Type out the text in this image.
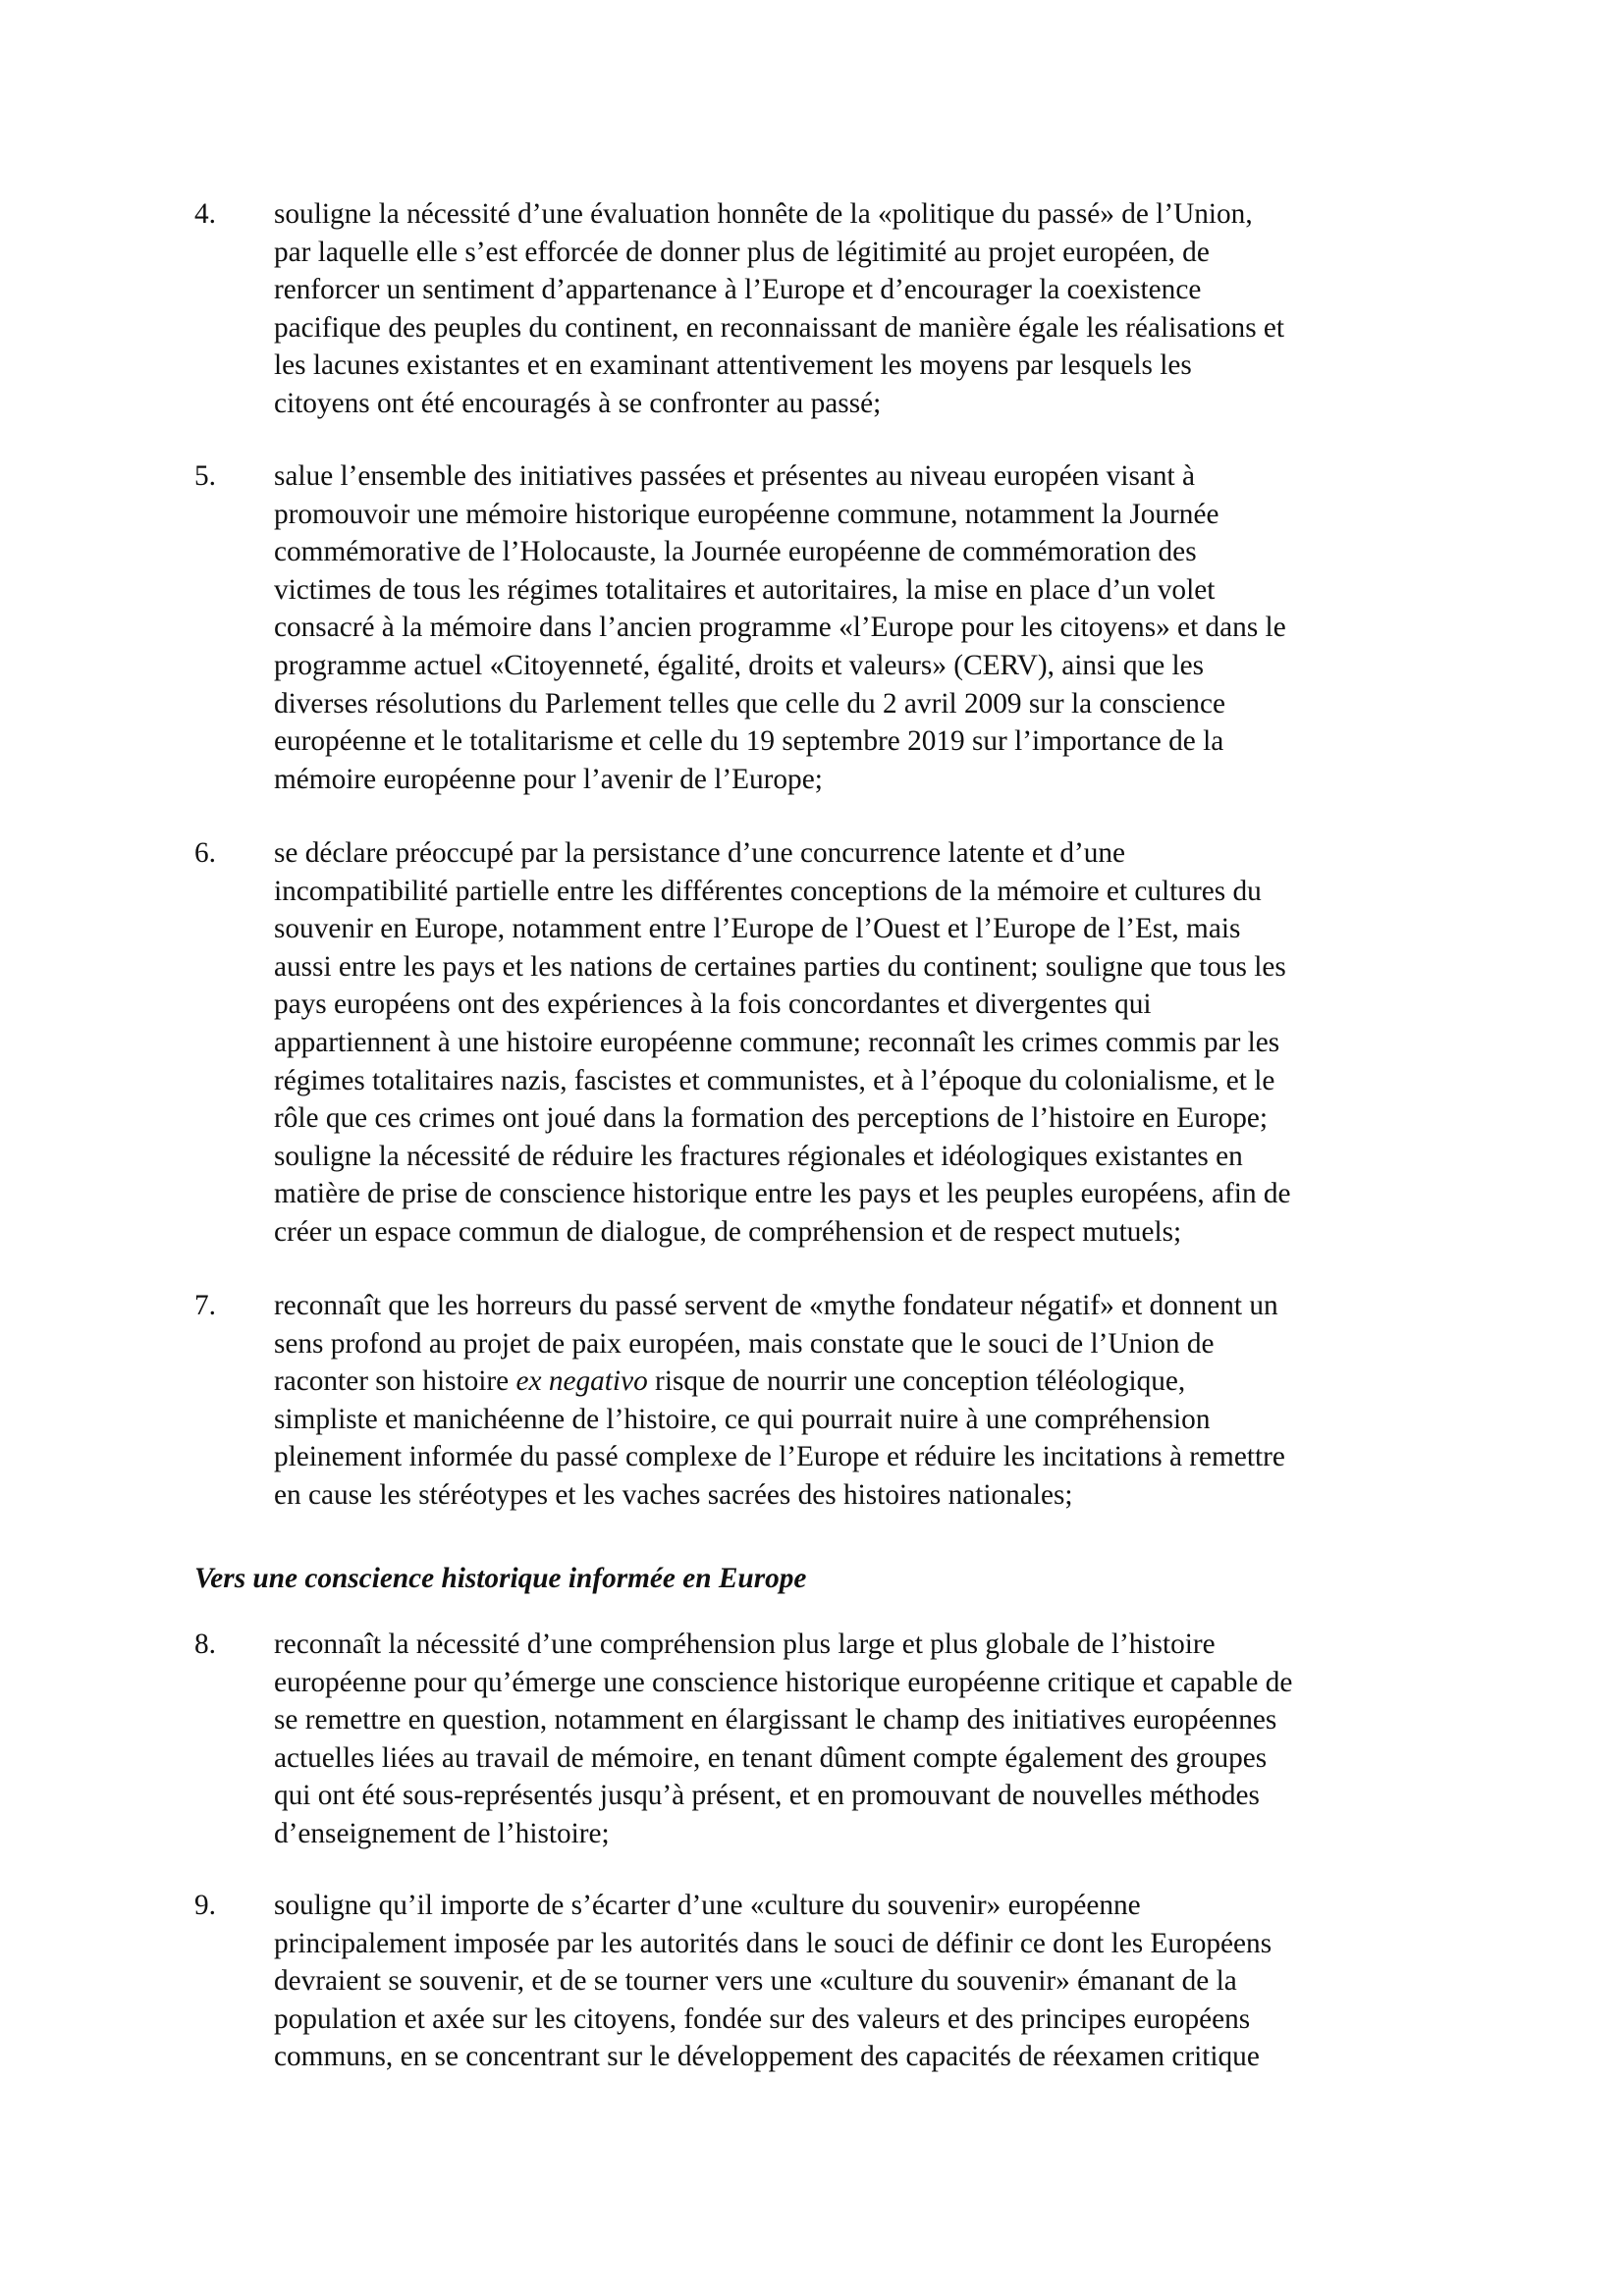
4.	souligne la nécessité d’une évaluation honnête de la «politique du passé» de l’Union,
par laquelle elle s’est efforcée de donner plus de légitimité au projet européen, de
renforcer un sentiment d’appartenance à l’Europe et d’encourager la coexistence
pacifique des peuples du continent, en reconnaissant de manière égale les réalisations et
les lacunes existantes et en examinant attentivement les moyens par lesquels les
citoyens ont été encouragés à se confronter au passé;
5.	salue l’ensemble des initiatives passées et présentes au niveau européen visant à
promouvoir une mémoire historique européenne commune, notamment la Journée
commémorative de l’Holocauste, la Journée européenne de commémoration des
victimes de tous les régimes totalitaires et autoritaires, la mise en place d’un volet
consacré à la mémoire dans l’ancien programme «l’Europe pour les citoyens» et dans le
programme actuel «Citoyenneté, égalité, droits et valeurs» (CERV), ainsi que les
diverses résolutions du Parlement telles que celle du 2 avril 2009 sur la conscience
européenne et le totalitarisme et celle du 19 septembre 2019 sur l’importance de la
mémoire européenne pour l’avenir de l’Europe;
6.	se déclare préoccupé par la persistance d’une concurrence latente et d’une
incompatibilité partielle entre les différentes conceptions de la mémoire et cultures du
souvenir en Europe, notamment entre l’Europe de l’Ouest et l’Europe de l’Est, mais
aussi entre les pays et les nations de certaines parties du continent; souligne que tous les
pays européens ont des expériences à la fois concordantes et divergentes qui
appartiennent à une histoire européenne commune; reconnaît les crimes commis par les
régimes totalitaires nazis, fascistes et communistes, et à l’époque du colonialisme, et le
rôle que ces crimes ont joué dans la formation des perceptions de l’histoire en Europe;
souligne la nécessité de réduire les fractures régionales et idéologiques existantes en
matière de prise de conscience historique entre les pays et les peuples européens, afin de
créer un espace commun de dialogue, de compréhension et de respect mutuels;
7.	reconnaît que les horreurs du passé servent de «mythe fondateur négatif» et donnent un
sens profond au projet de paix européen, mais constate que le souci de l’Union de
raconter son histoire ex negativo risque de nourrir une conception téléologique,
simpliste et manichéenne de l’histoire, ce qui pourrait nuire à une compréhension
pleinement informée du passé complexe de l’Europe et réduire les incitations à remettre
en cause les stéréotypes et les vaches sacrées des histoires nationales;
Vers une conscience historique informée en Europe
8.	reconnaît la nécessité d’une compréhension plus large et plus globale de l’histoire
européenne pour qu’émerge une conscience historique européenne critique et capable de
se remettre en question, notamment en élargissant le champ des initiatives européennes
actuelles liées au travail de mémoire, en tenant dûment compte également des groupes
qui ont été sous-représentés jusqu’à présent, et en promouvant de nouvelles méthodes
d’enseignement de l’histoire;
9.	souligne qu’il importe de s’écarter d’une «culture du souvenir» européenne
principalement imposée par les autorités dans le souci de définir ce dont les Européens
devraient se souvenir, et de se tourner vers une «culture du souvenir» émanant de la
population et axée sur les citoyens, fondée sur des valeurs et des principes européens
communs, en se concentrant sur le développement des capacités de réexamen critique
